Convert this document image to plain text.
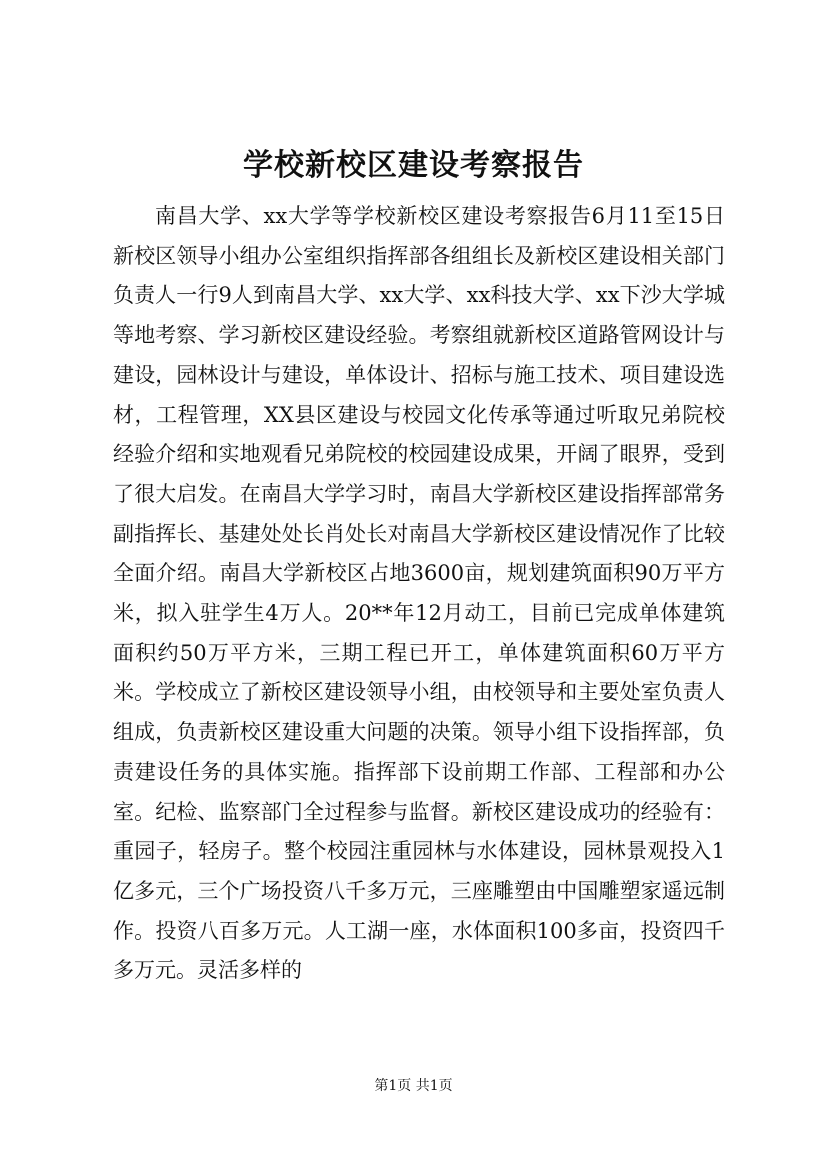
学校新校区建设考察报告

南昌大学、xx大学等学校新校区建设考察报告6月11至15日新校区领导小组办公室组织指挥部各组组长及新校区建设相关部门负责人一行9人到南昌大学、xx大学、xx科技大学、xx下沙大学城等地考察、学习新校区建设经验。考察组就新校区道路管网设计与建设，园林设计与建设，单体设计、招标与施工技术、项目建设选材，工程管理，XX县区建设与校园文化传承等通过听取兄弟院校经验介绍和实地观看兄弟院校的校园建设成果，开阔了眼界，受到了很大启发。在南昌大学学习时，南昌大学新校区建设指挥部常务副指挥长、基建处处长肖处长对南昌大学新校区建设情况作了比较全面介绍。南昌大学新校区占地3600亩，规划建筑面积90万平方米，拟入驻学生4万人。20**年12月动工，目前已完成单体建筑面积约50万平方米，三期工程已开工，单体建筑面积60万平方米。学校成立了新校区建设领导小组，由校领导和主要处室负责人组成，负责新校区建设重大问题的决策。领导小组下设指挥部，负责建设任务的具体实施。指挥部下设前期工作部、工程部和办公室。纪检、监察部门全过程参与监督。新校区建设成功的经验有：重园子，轻房子。整个校园注重园林与水体建设，园林景观投入1亿多元，三个广场投资八千多万元，三座雕塑由中国雕塑家遥远制作。投资八百多万元。人工湖一座，水体面积100多亩，投资四千多万元。灵活多样的

第1页 共1页
